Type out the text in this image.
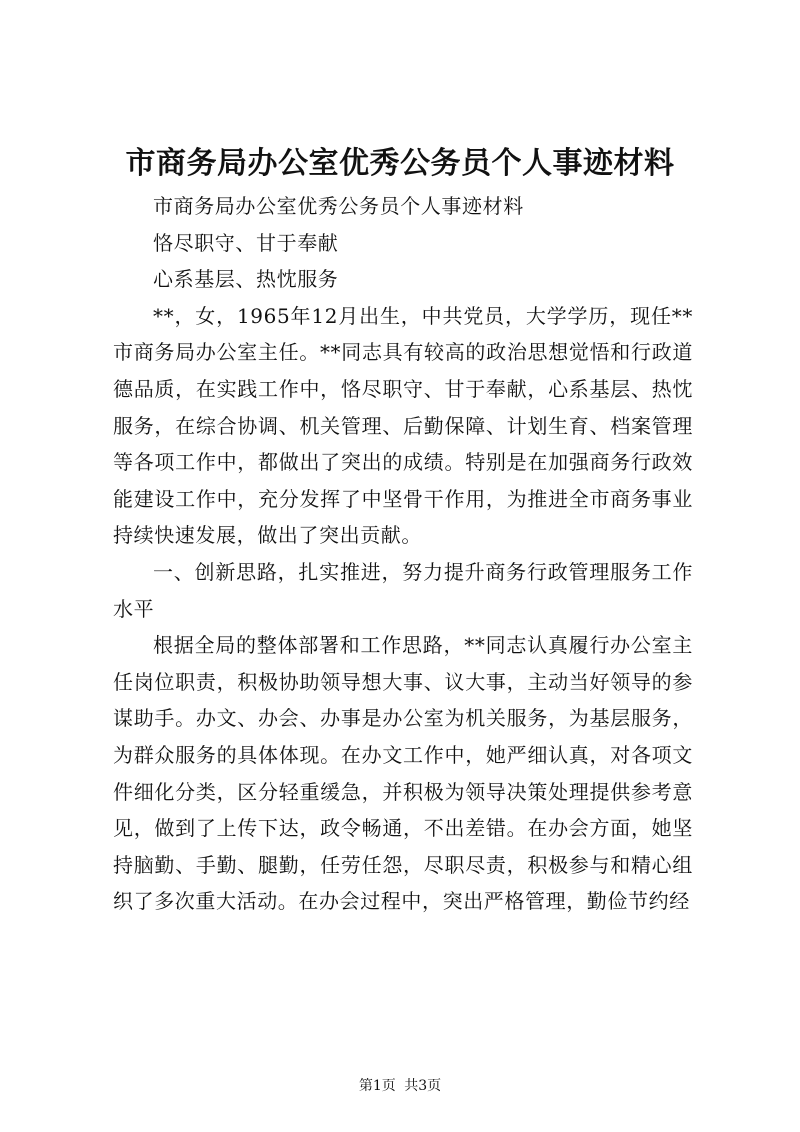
市商务局办公室优秀公务员个人事迹材料

市商务局办公室优秀公务员个人事迹材料

恪尽职守、甘于奉献

心系基层、热忱服务

**，女，1965年12月出生，中共党员，大学学历，现任**市商务局办公室主任。**同志具有较高的政治思想觉悟和行政道德品质，在实践工作中，恪尽职守、甘于奉献，心系基层、热忱服务，在综合协调、机关管理、后勤保障、计划生育、档案管理等各项工作中，都做出了突出的成绩。特别是在加强商务行政效能建设工作中，充分发挥了中坚骨干作用，为推进全市商务事业持续快速发展，做出了突出贡献。

一、创新思路，扎实推进，努力提升商务行政管理服务工作水平

根据全局的整体部署和工作思路，**同志认真履行办公室主任岗位职责，积极协助领导想大事、议大事，主动当好领导的参谋助手。办文、办会、办事是办公室为机关服务，为基层服务，为群众服务的具体体现。在办文工作中，她严细认真，对各项文件细化分类，区分轻重缓急，并积极为领导决策处理提供参考意见，做到了上传下达，政令畅通，不出差错。在办会方面，她坚持脑勤、手勤、腿勤，任劳任怨，尽职尽责，积极参与和精心组织了多次重大活动。在办会过程中，突出严格管理，勤俭节约经

第1页 共3页
